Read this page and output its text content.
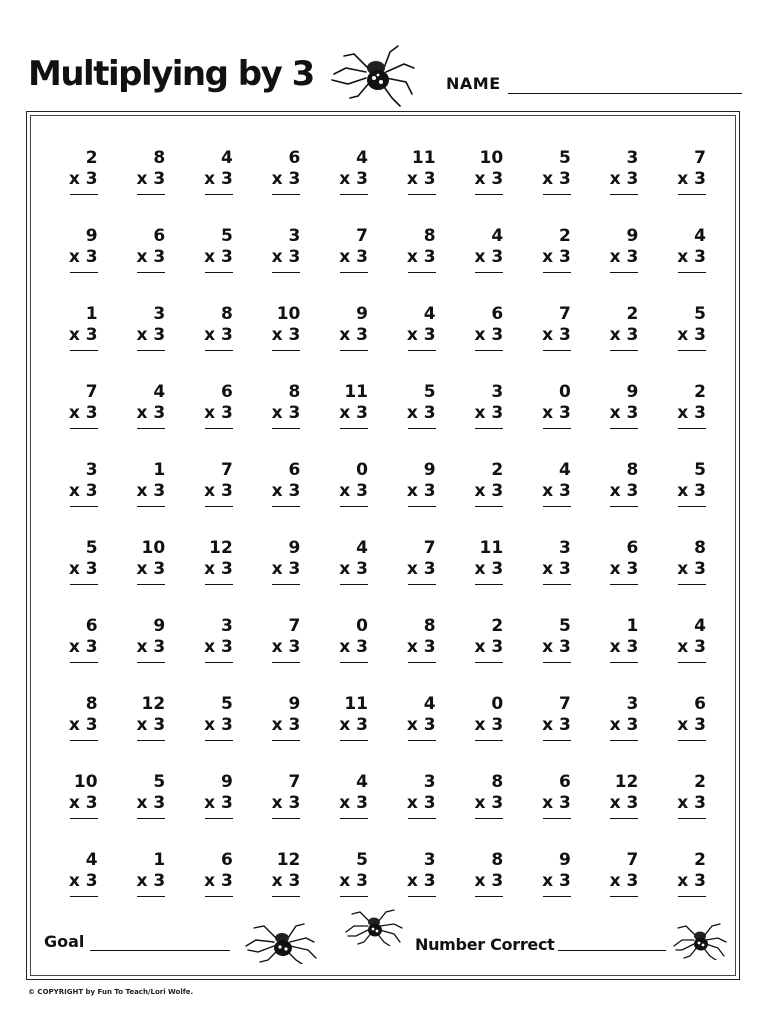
Multiplying by 3	NAME
2
x 3
8
x 3
4
x 3
6
x 3
4
x 3
11
x 3
10
x 3
5
x 3
3
x 3
7
x 3
9
x 3
6
x 3
5
x 3
3
x 3
7
x 3
8
x 3
4
x 3
2
x 3
9
x 3
4
x 3
1
x 3
3
x 3
8
x 3
10
x 3
9
x 3
4
x 3
6
x 3
7
x 3
2
x 3
5
x 3
7
x 3
4
x 3
6
x 3
8
x 3
11
x 3
5
x 3
3
x 3
0
x 3
9
x 3
2
x 3
3
x 3
1
x 3
7
x 3
6
x 3
0
x 3
9
x 3
2
x 3
4
x 3
8
x 3
5
x 3
5
x 3
10
x 3
12
x 3
9
x 3
4
x 3
7
x 3
11
x 3
3
x 3
6
x 3
8
x 3
6
x 3
9
x 3
3
x 3
7
x 3
0
x 3
8
x 3
2
x 3
5
x 3
1
x 3
4
x 3
8
x 3
12
x 3
5
x 3
9
x 3
11
x 3
4
x 3
0
x 3
7
x 3
3
x 3
6
x 3
10
x 3
5
x 3
9
x 3
7
x 3
4
x 3
3
x 3
8
x 3
6
x 3
12
x 3
2
x 3
4
x 3
1
x 3
6
x 3
12
x 3
5
x 3
3
x 3
8
x 3
9
x 3
7
x 3
2
x 3
Goal	Number Correct
© COPYRIGHT by Fun To Teach/Lori Wolfe.
